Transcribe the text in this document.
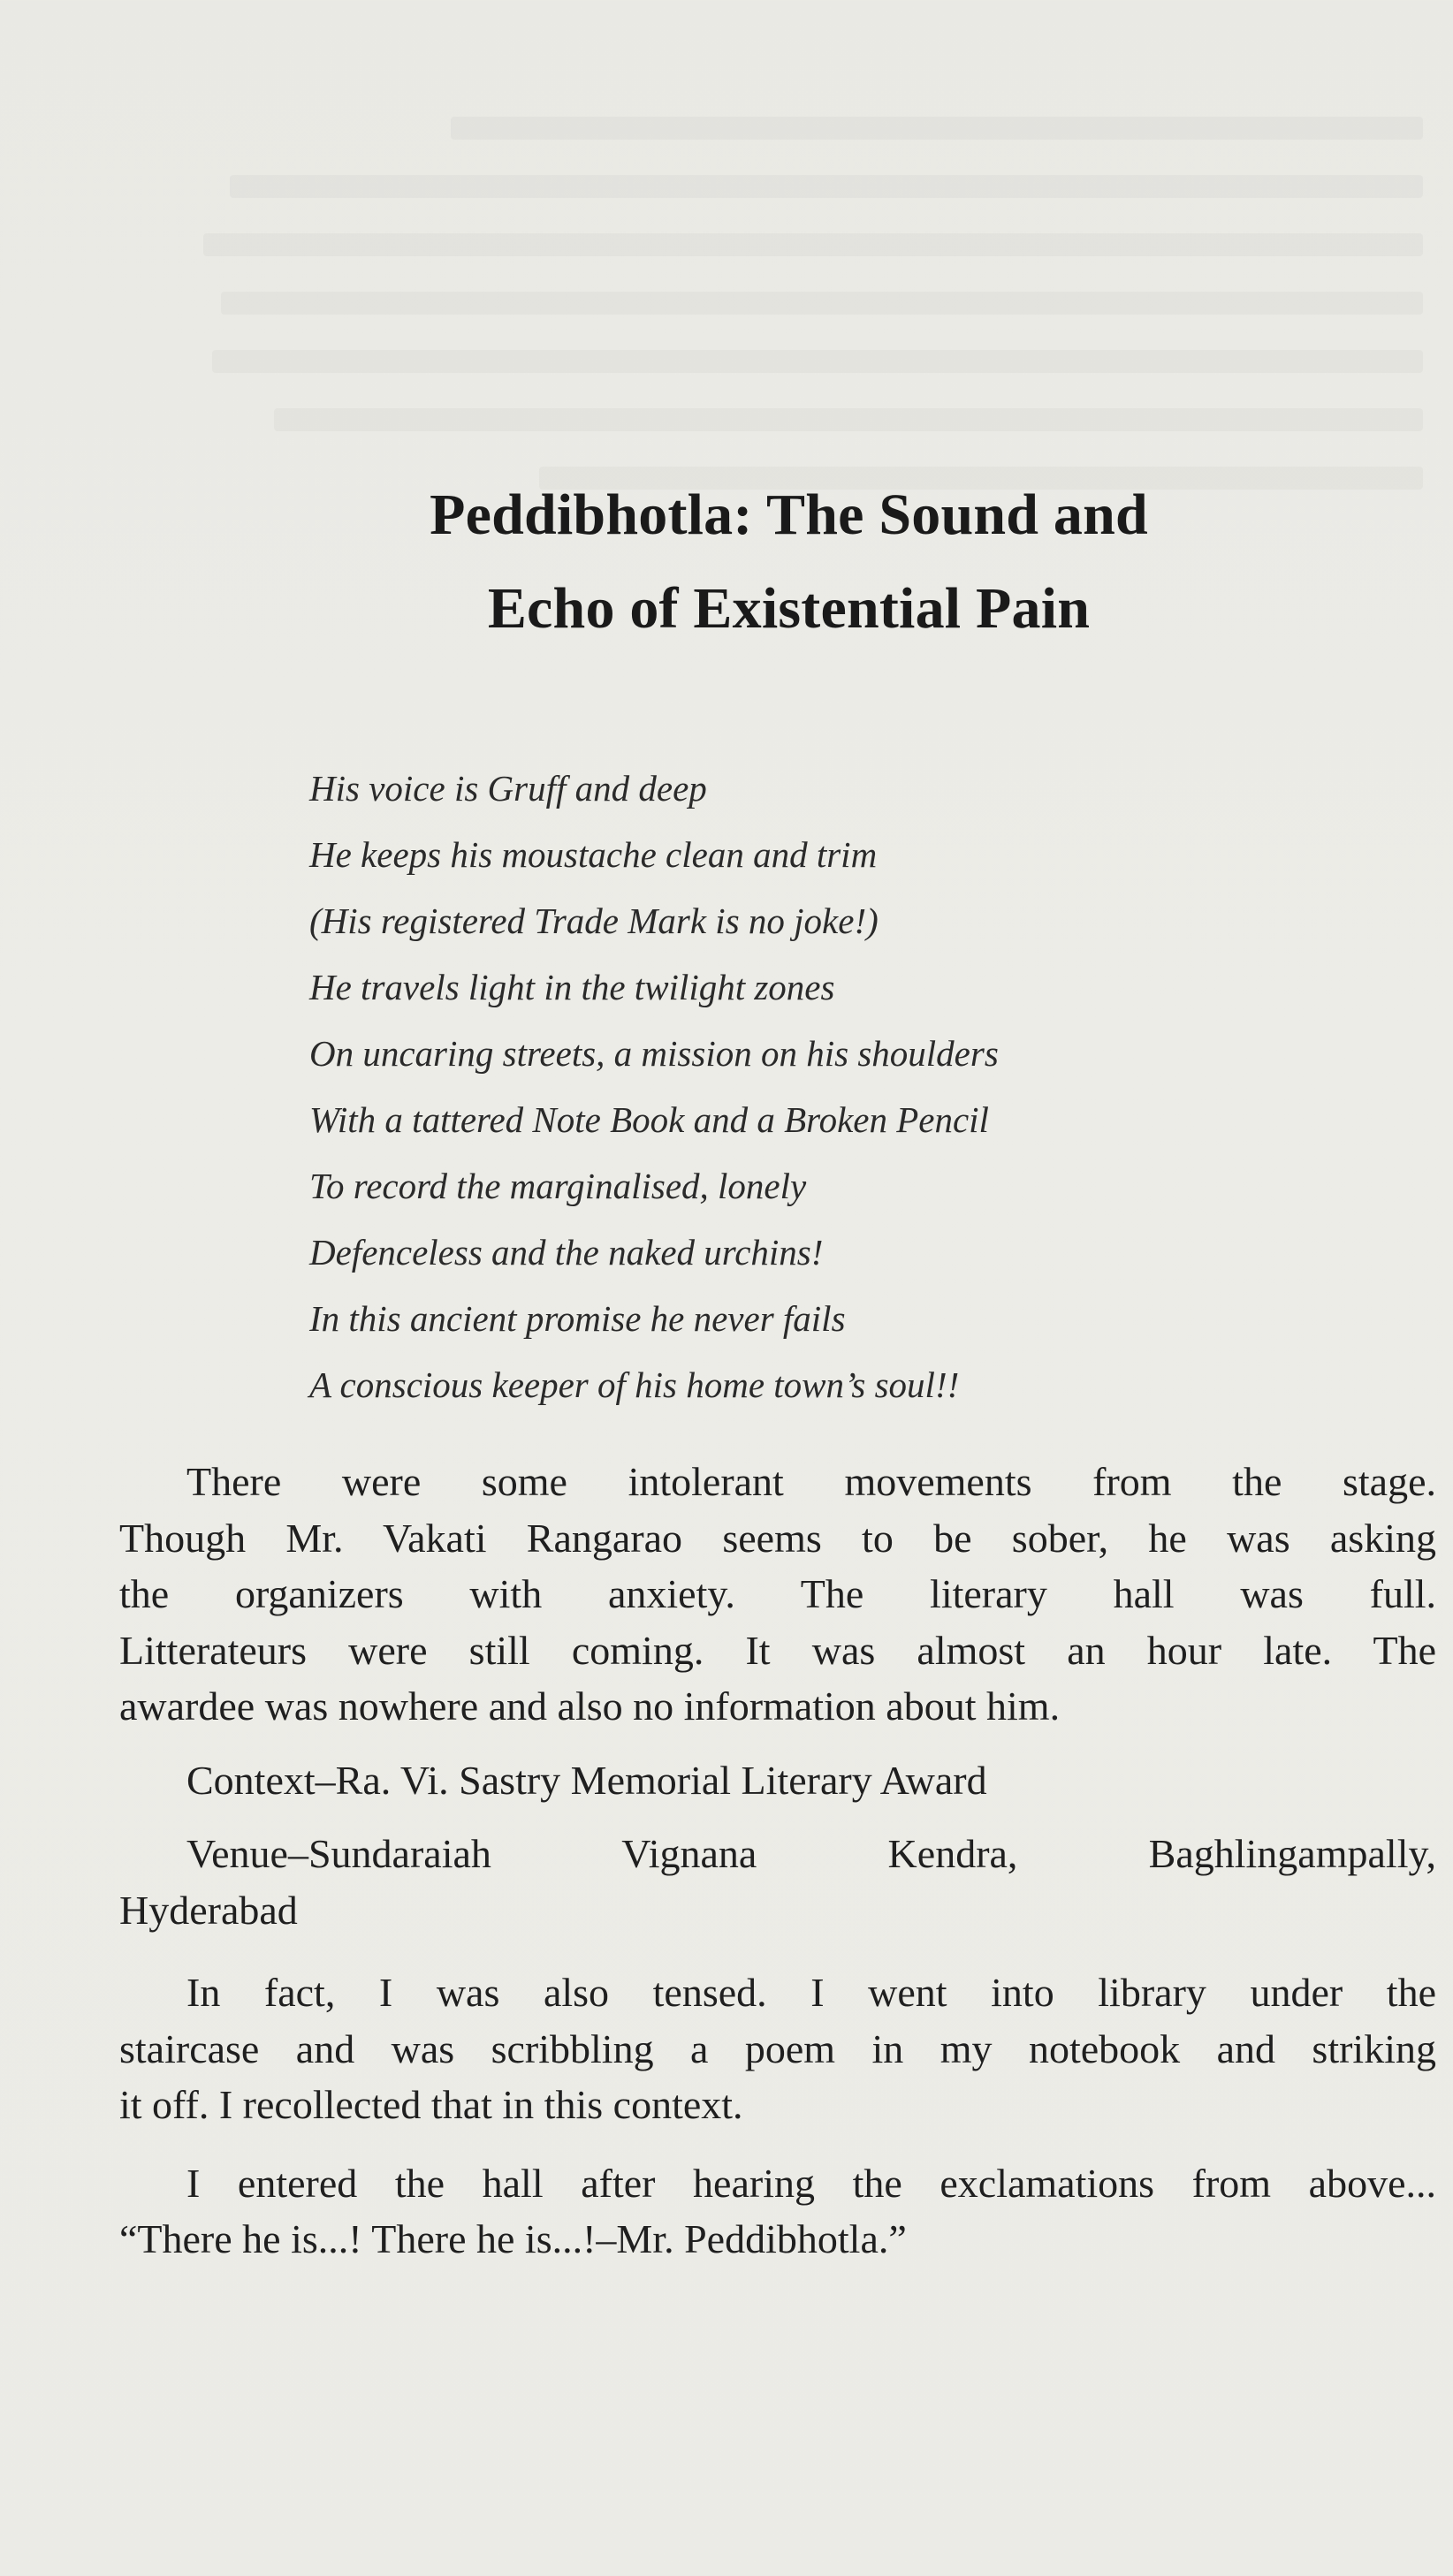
Peddibhotla: The Sound and
Echo of Existential Pain
His voice is Gruff and deep
He keeps his moustache clean and trim
(His registered Trade Mark is no joke!)
He travels light in the twilight zones
On uncaring streets, a mission on his shoulders
With a tattered Note Book and a Broken Pencil
To record the marginalised, lonely
Defenceless and the naked urchins!
In this ancient promise he never fails
A conscious keeper of his home town’s soul!!
There were some intolerant movements from the stage.
Though Mr. Vakati Rangarao seems to be sober, he was asking
the organizers with anxiety. The literary hall was full.
Litterateurs were still coming. It was almost an hour late. The
awardee was nowhere and also no information about him.
Context–Ra. Vi. Sastry Memorial Literary Award
Venue–Sundaraiah Vignana Kendra, Baghlingampally,
Hyderabad
In fact, I was also tensed. I went into library under the
staircase and was scribbling a poem in my notebook and striking
it off. I recollected that in this context.
I entered the hall after hearing the exclamations from above...
“There he is...! There he is...!–Mr. Peddibhotla.”
